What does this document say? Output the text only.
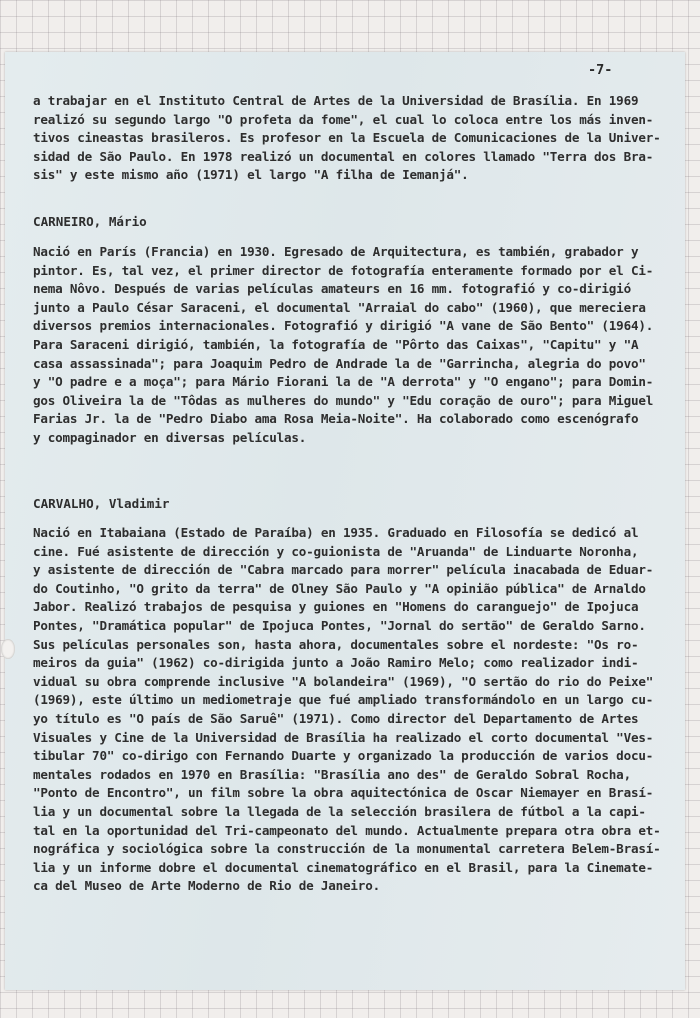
-7-

a trabajar en el Instituto Central de Artes de la Universidad de Brasília. En 1969
realizó su segundo largo "O profeta da fome", el cual lo coloca entre los más inven-
tivos cineastas brasileros. Es profesor en la Escuela de Comunicaciones de la Univer-
sidad de São Paulo. En 1978 realizó un documental en colores llamado "Terra dos Bra-
sis" y este mismo año (1971) el largo "A filha de Iemanjá".

CARNEIRO, Mário

Nació en París (Francia) en 1930. Egresado de Arquitectura, es también, grabador y
pintor. Es, tal vez, el primer director de fotografía enteramente formado por el Ci-
nema Nôvo. Después de varias películas amateurs en 16 mm. fotografió y co-dirigió
junto a Paulo César Saraceni, el documental "Arraial do cabo" (1960), que mereciera
diversos premios internacionales. Fotografió y dirigió "A vane de São Bento" (1964).
Para Saraceni dirigió, también, la fotografía de "Pôrto das Caixas", "Capitu" y "A
casa assassinada"; para Joaquim Pedro de Andrade la de "Garrincha, alegria do povo"
y "O padre e a moça"; para Mário Fiorani la de "A derrota" y "O engano"; para Domin-
gos Oliveira la de "Tôdas as mulheres do mundo" y "Edu coração de ouro"; para Miguel
Farias Jr. la de "Pedro Diabo ama Rosa Meia-Noite". Ha colaborado como escenógrafo
y compaginador en diversas películas.

CARVALHO, Vladimir

Nació en Itabaiana (Estado de Paraíba) en 1935. Graduado en Filosofía se dedicó al
cine. Fué asistente de dirección y co-guionista de "Aruanda" de Linduarte Noronha,
y asistente de dirección de "Cabra marcado para morrer" película inacabada de Eduar-
do Coutinho, "O grito da terra" de Olney São Paulo y "A opinião pública" de Arnaldo
Jabor. Realizó trabajos de pesquisa y guiones en "Homens do caranguejo" de Ipojuca
Pontes, "Dramática popular" de Ipojuca Pontes, "Jornal do sertão" de Geraldo Sarno.
Sus películas personales son, hasta ahora, documentales sobre el nordeste: "Os ro-
meiros da guia" (1962) co-dirigida junto a João Ramiro Melo; como realizador indi-
vidual su obra comprende inclusive "A bolandeira" (1969), "O sertão do rio do Peixe"
(1969), este último un mediometraje que fué ampliado transformándolo en un largo cu-
yo título es "O país de São Saruê" (1971). Como director del Departamento de Artes
Visuales y Cine de la Universidad de Brasília ha realizado el corto documental "Ves-
tibular 70" co-dirigo con Fernando Duarte y organizado la producción de varios docu-
mentales rodados en 1970 en Brasília: "Brasília ano des" de Geraldo Sobral Rocha,
"Ponto de Encontro", un film sobre la obra aquitectónica de Oscar Niemayer en Brasí-
lia y un documental sobre la llegada de la selección brasilera de fútbol a la capi-
tal en la oportunidad del Tri-campeonato del mundo. Actualmente prepara otra obra et-
nográfica y sociológica sobre la construcción de la monumental carretera Belem-Brasí-
lia y un informe dobre el documental cinematográfico en el Brasil, para la Cinemate-
ca del Museo de Arte Moderno de Rio de Janeiro.
